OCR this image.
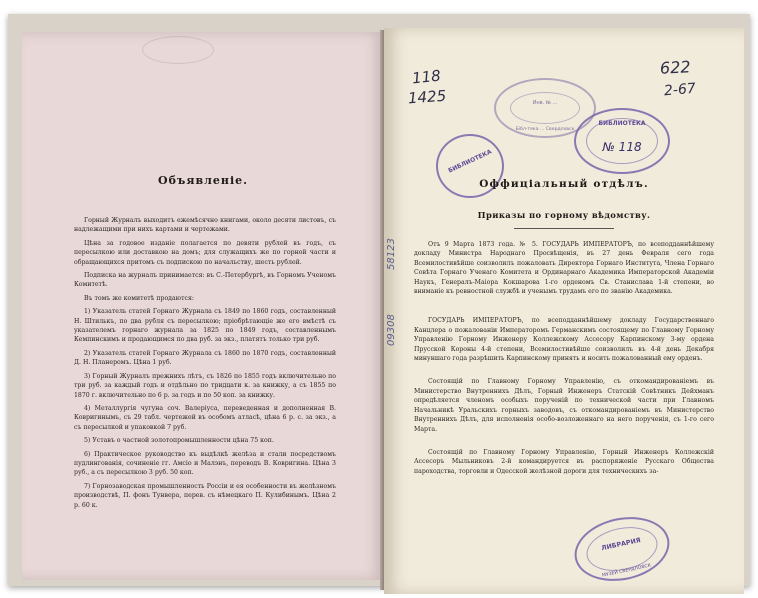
Объявленіе.

Горный Журналъ выходитъ ежемѣсячно книгами, около десяти листовъ, съ надлежащими при нихъ картами и чертежами.

Цѣна за годовое изданіе полагается по девяти рублей въ годъ, съ пересылкою или доставкою на домъ; для служащихъ же по горной части и обращающихся притомъ съ подпискою по начальству, шесть рублей.

Подписка на журналъ принимается: въ С.-Петербургѣ, въ Горномъ Ученомъ Комитетѣ.

Въ томъ же комитетѣ продаются:

1) Указатель статей Горнаго Журнала съ 1849 по 1860 годъ, составленный Н. Штилькъ, по два рубля съ пересылкою; пріобрѣтающіе же его вмѣстѣ съ указателемъ горнаго журнала за 1825 по 1849 годъ, составленнымъ Кемпинскимъ и продающимся по два руб. за экз., платятъ только три руб.

2) Указатель статей Горнаго Журнала съ 1860 по 1870 годъ, составленный Д. Н. Планеромъ. Цѣна 1 руб.

3) Горный Журналъ прежнихъ лѣтъ, съ 1826 по 1855 годъ включительно по три руб. за каждый годъ и отдѣльно по тридцати к. за книжку, а съ 1855 по 1870 г. включительно по 6 р. за годъ и по 50 коп. за книжку.

4) Металлургія чугуна соч. Валерiуса, переведенная и дополненная В. Ковригинымъ, съ 29 табл. чертежей въ особомъ атласѣ, цѣна 6 р. с. за экз., а съ пересылкой и упаковкой 7 руб.

5) Уставъ о частной золотопромышленности цѣна 75 коп.

6) Практическое руководство къ выдѣлкѣ желѣза и стали посредствомъ пудлингованія, сочиненіе гг. Амсіо и Малэнъ, переводъ В. Ковригина. Цѣна 3 руб., а съ пересылкою 3 руб. 50 коп.

7) Горнозаводская промышленность Россіи и ея особенности въ желѣзномъ производствѣ, П. фонъ Тунвера, перев. съ нѣмецкаго П. Кулибинымъ. Цѣна 2 р. 60 к.

118
1425
622
2-67
58123
09308
Инв. № ...
Бiбл-тека ... Свердловск
БИБЛИОТЕКА
БИБЛИОТЕКА
№ 118
Оффиціальный отдѣлъ.
Приказы по горному вѣдомству.

Отъ 9 Марта 1873 года. № 5. ГОСУДАРЬ ИМПЕРАТОРЪ, по всеподданнѣйшему докладу Министра Народнаго Просвѣщенія, въ 27 день Февраля сего года Всемилостивѣйше соизволилъ пожаловать Директора Горнаго Института, Члена Горнаго Совѣта Горнаго Ученаго Комитета и Ординарнаго Академика Императорской Академіи Наукъ, Генералъ-Маіора Кокшарова 1-го орденомъ Св. Станислава 1-й степени, во вниманіе къ ревностной службѣ и ученымъ трудамъ его по званію Академика.

ГОСУДАРЬ ИМПЕРАТОРЪ, по всеподданнѣйшему докладу Государственнаго Канцлера о пожалованіи Императоромъ Германскимъ состоящему по Главному Горному Управленію Горному Инженеру Коллежскому Ассесору Карпинскому 3-му ордена Прусской Короны 4-й степени, Всемилостивѣйше соизволилъ въ 4-й день Декабря минувшаго года разрѣшить Карпинскому принять и носить пожалованный ему орденъ.

Состоящій по Главному Горному Управленію, съ откомандированіемъ въ Министерство Внутреннихъ Дѣлъ, Горный Инженеръ Статскій Совѣтникъ Дейхманъ опредѣляется членомъ особыхъ порученій по технической части при Главномъ Начальникѣ Уральскихъ горныхъ заводовъ, съ откомандированіемъ въ Министерство Внутреннихъ Дѣлъ, для исполненія особо-возложеннаго на него порученія, съ 1-го сего Марта.

Состоящій по Главному Горному Управленію, Горный Инженеръ Коллежскій Ассесоръ Мыльниковъ 2-й командируется въ распоряженіе Русскаго Общества пароходства, торговли и Одесской желѣзной дороги для техническихъ за-

ЛИБРАРИЯ
МУЗЕЙ СВЕРДЛОВСК
